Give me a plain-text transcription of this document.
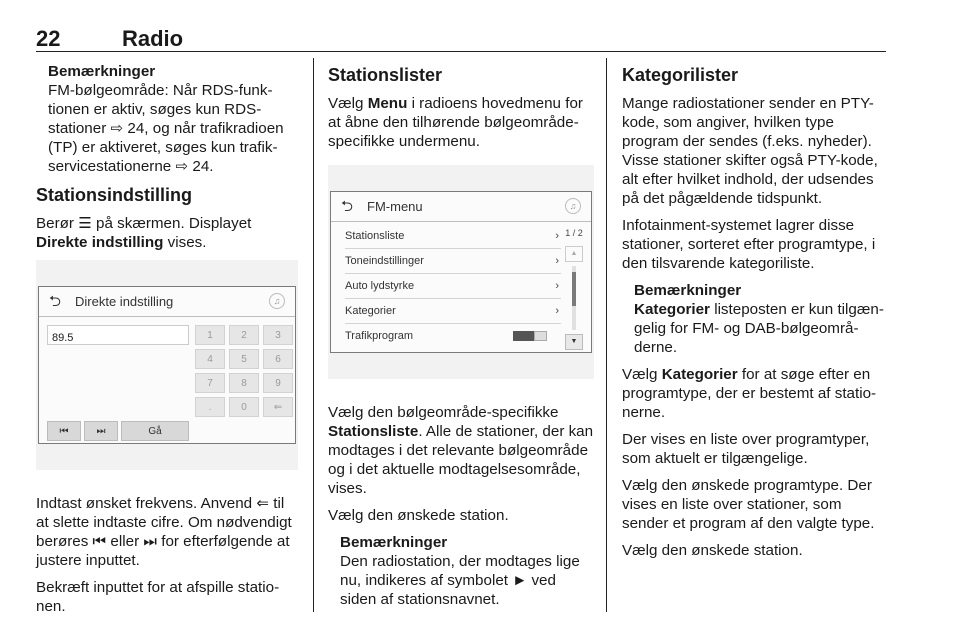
22	Radio

Bemærkninger
FM-bølgeområde: Når RDS-funktionen er aktiv, søges kun RDS-stationer ⇨ 24, og når trafikradioen (TP) er aktiveret, søges kun trafikservicestationerne ⇨ 24.

Stationsindstilling

Berør ☰ på skærmen. Displayet Direkte indstilling vises.

⮌ Direkte indstilling	♫
89.5	1	2	3
4	5	6
7	8	9
.	0	⇐
⏮	⏭	Gå

Indtast ønsket frekvens. Anvend ⇐ til at slette indtaste cifre. Om nødvendigt berøres ⏮ eller ⏭ for efterfølgende at justere inputtet.

Bekræft inputtet for at afspille stationen.

Stationslister

Vælg Menu i radioens hovedmenu for at åbne den tilhørende bølgeområde-specifikke undermenu.

⮌ FM-menu	♫
Stationsliste	›
Toneindstillinger	›
Auto lydstyrke	›
Kategorier	›
Trafikprogram
1 / 2
▲
▼

Vælg den bølgeområde-specifikke Stationsliste. Alle de stationer, der kan modtages i det relevante bølgeområde og i det aktuelle modtagelsesområde, vises.

Vælg den ønskede station.

Bemærkninger
Den radiostation, der modtages lige nu, indikeres af symbolet ► ved siden af stationsnavnet.

Kategorilister

Mange radiostationer sender en PTY-kode, som angiver, hvilken type program der sendes (f.eks. nyheder). Visse stationer skifter også PTY-kode, alt efter hvilket indhold, der udsendes på det pågældende tidspunkt.

Infotainment-systemet lagrer disse stationer, sorteret efter programtype, i den tilsvarende kategoriliste.

Bemærkninger
Kategorier listeposten er kun tilgængelig for FM- og DAB-bølgeområderne.

Vælg Kategorier for at søge efter en programtype, der er bestemt af stationerne.

Der vises en liste over programtyper, som aktuelt er tilgængelige.

Vælg den ønskede programtype. Der vises en liste over stationer, som sender et program af den valgte type.

Vælg den ønskede station.
